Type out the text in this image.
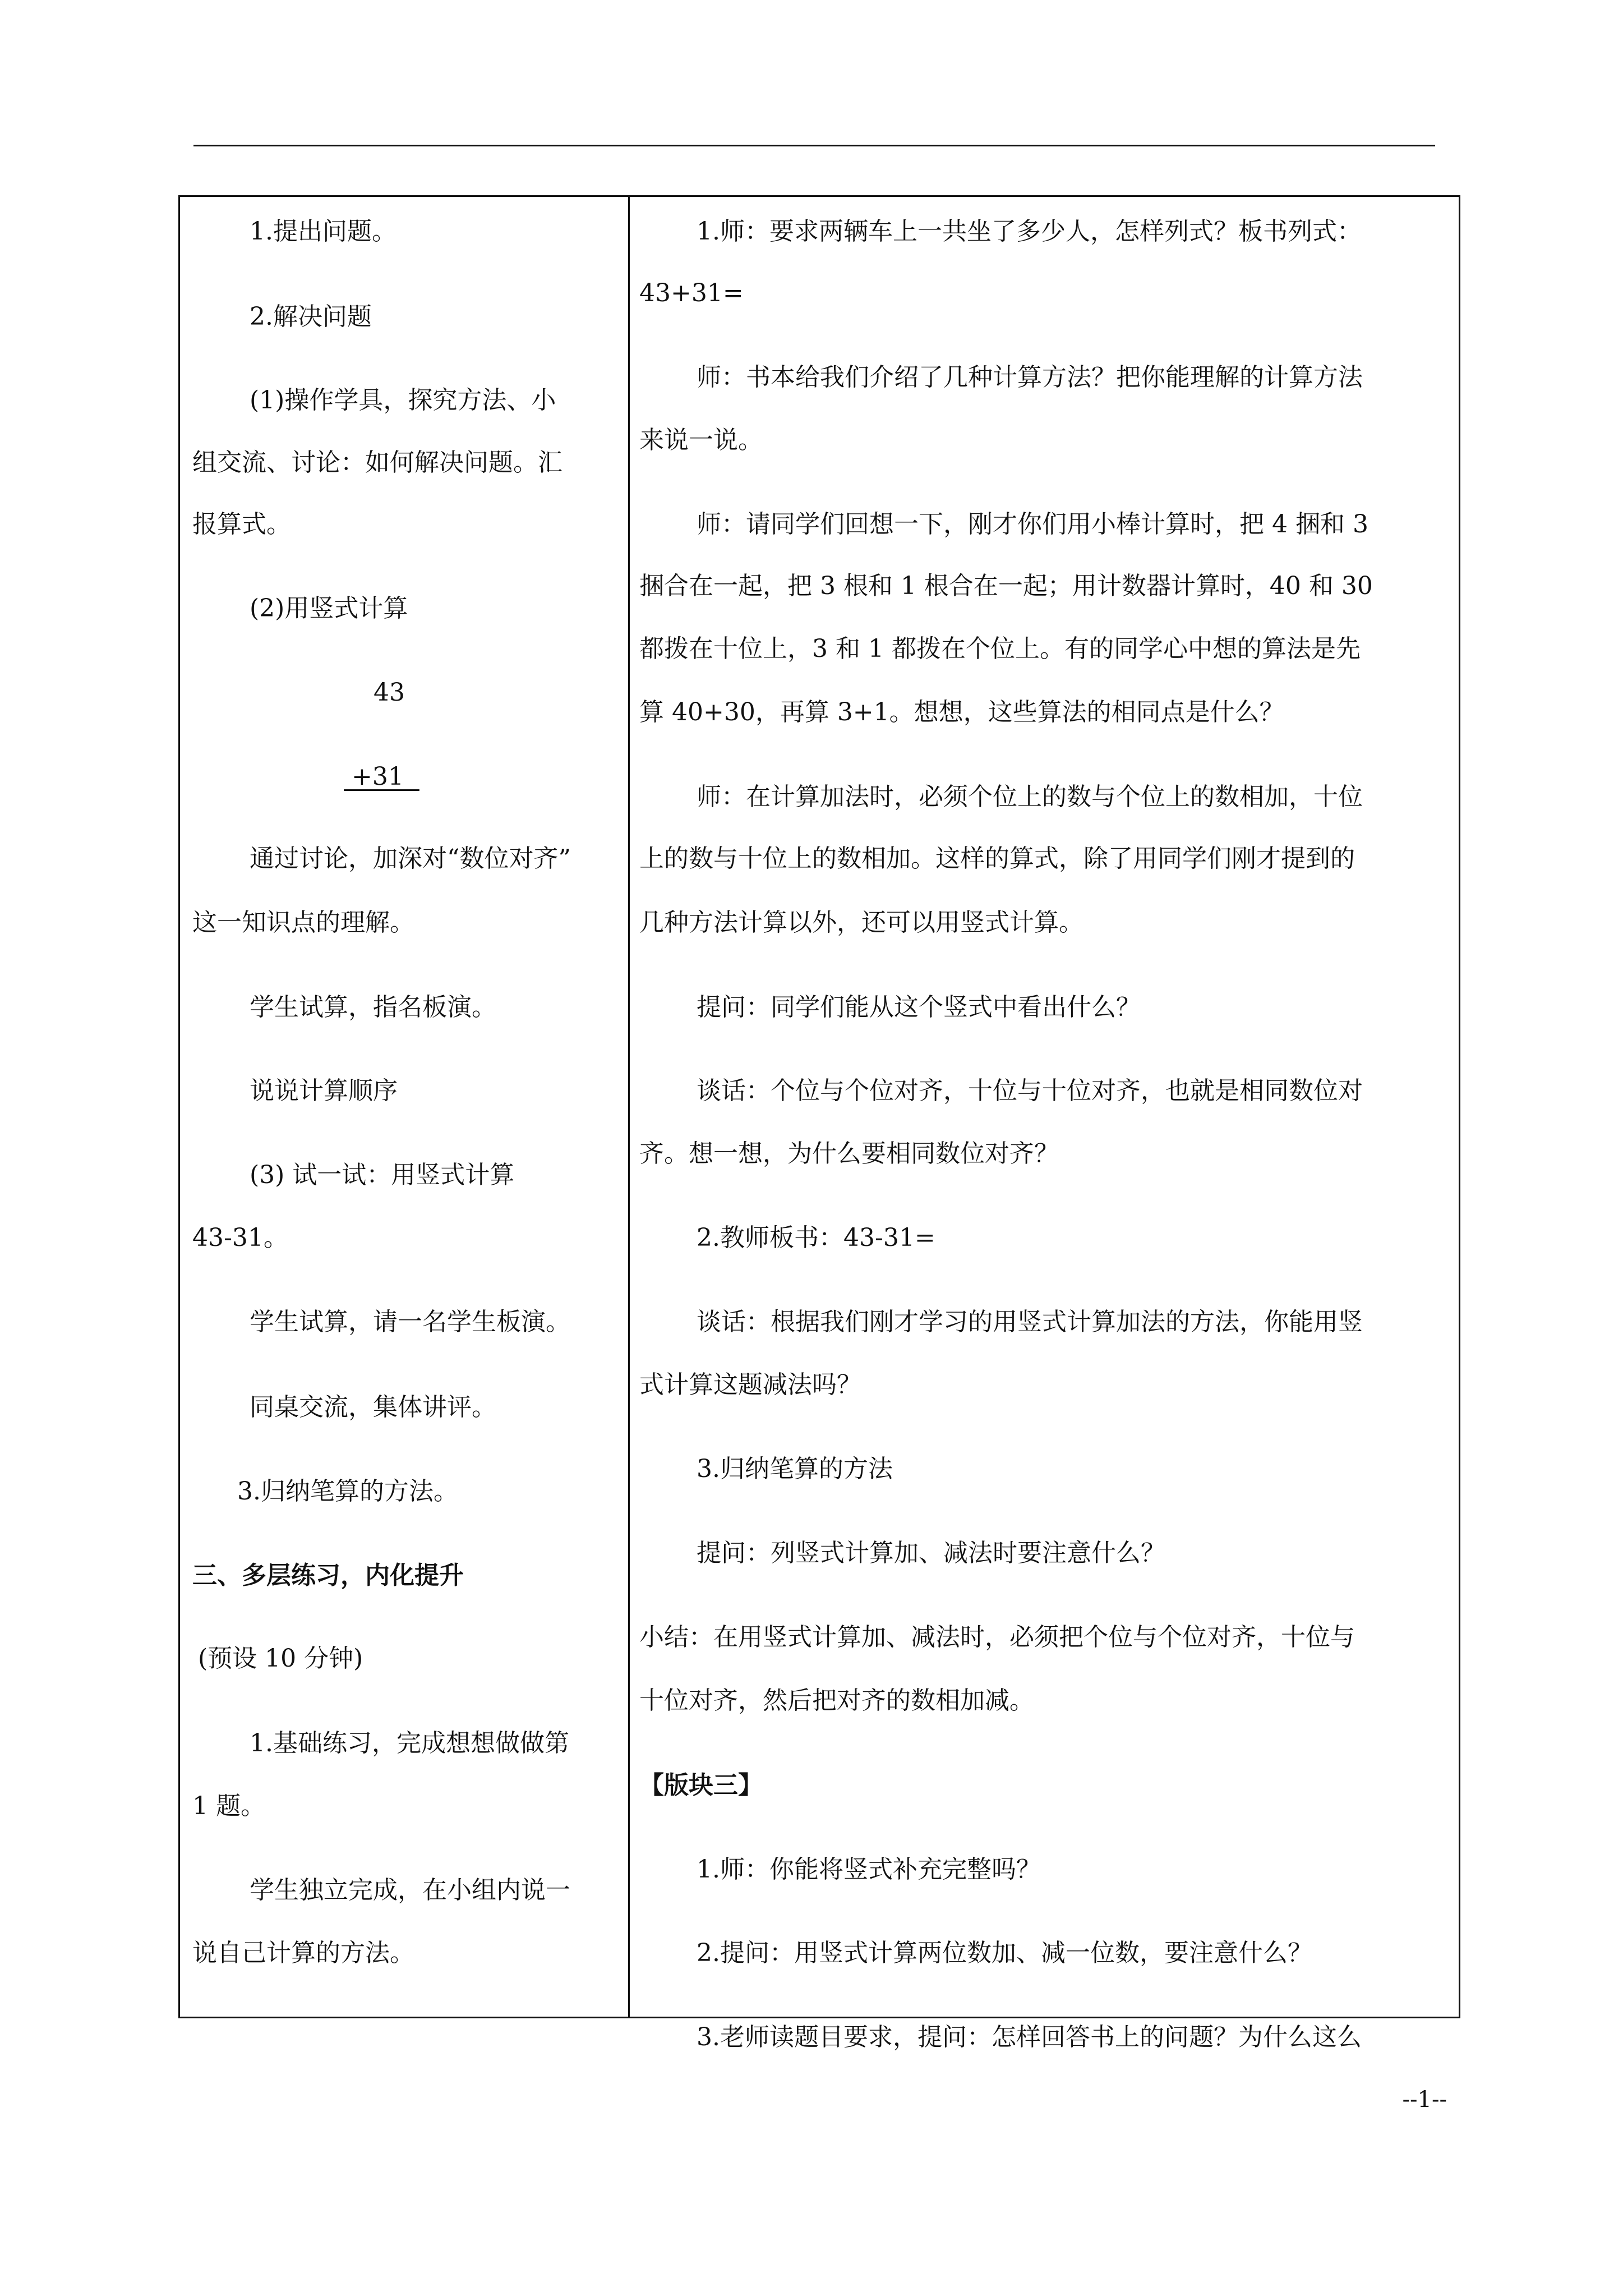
1.提出问题。
2.解决问题
(1)操作学具，探究方法、小
组交流、讨论：如何解决问题。汇
报算式。
(2)用竖式计算
43
+31
通过讨论，加深对“数位对齐”
这一知识点的理解。
学生试算，指名板演。
说说计算顺序
(3) 试一试：用竖式计算
43-31。
学生试算，请一名学生板演。
同桌交流，集体讲评。
3.归纳笔算的方法。
三、多层练习，内化提升
(预设 10 分钟)
1.基础练习，完成想想做做第
1 题。
学生独立完成，在小组内说一
说自己计算的方法。
1.师：要求两辆车上一共坐了多少人，怎样列式？板书列式：
43+31=
师：书本给我们介绍了几种计算方法？把你能理解的计算方法
来说一说。
师：请同学们回想一下，刚才你们用小棒计算时，把 4 捆和 3
捆合在一起，把 3 根和 1 根合在一起；用计数器计算时，40 和 30
都拨在十位上，3 和 1 都拨在个位上。有的同学心中想的算法是先
算 40+30，再算 3+1。想想，这些算法的相同点是什么？
师：在计算加法时，必须个位上的数与个位上的数相加，十位
上的数与十位上的数相加。这样的算式，除了用同学们刚才提到的
几种方法计算以外，还可以用竖式计算。
提问：同学们能从这个竖式中看出什么？
谈话：个位与个位对齐，十位与十位对齐，也就是相同数位对
齐。想一想，为什么要相同数位对齐？
2.教师板书：43-31=
谈话：根据我们刚才学习的用竖式计算加法的方法，你能用竖
式计算这题减法吗？
3.归纳笔算的方法
提问：列竖式计算加、减法时要注意什么？
小结：在用竖式计算加、减法时，必须把个位与个位对齐，十位与
十位对齐，然后把对齐的数相加减。
【版块三】
1.师：你能将竖式补充完整吗？
2.提问：用竖式计算两位数加、减一位数，要注意什么？
3.老师读题目要求，提问：怎样回答书上的问题？为什么这么
--1--
